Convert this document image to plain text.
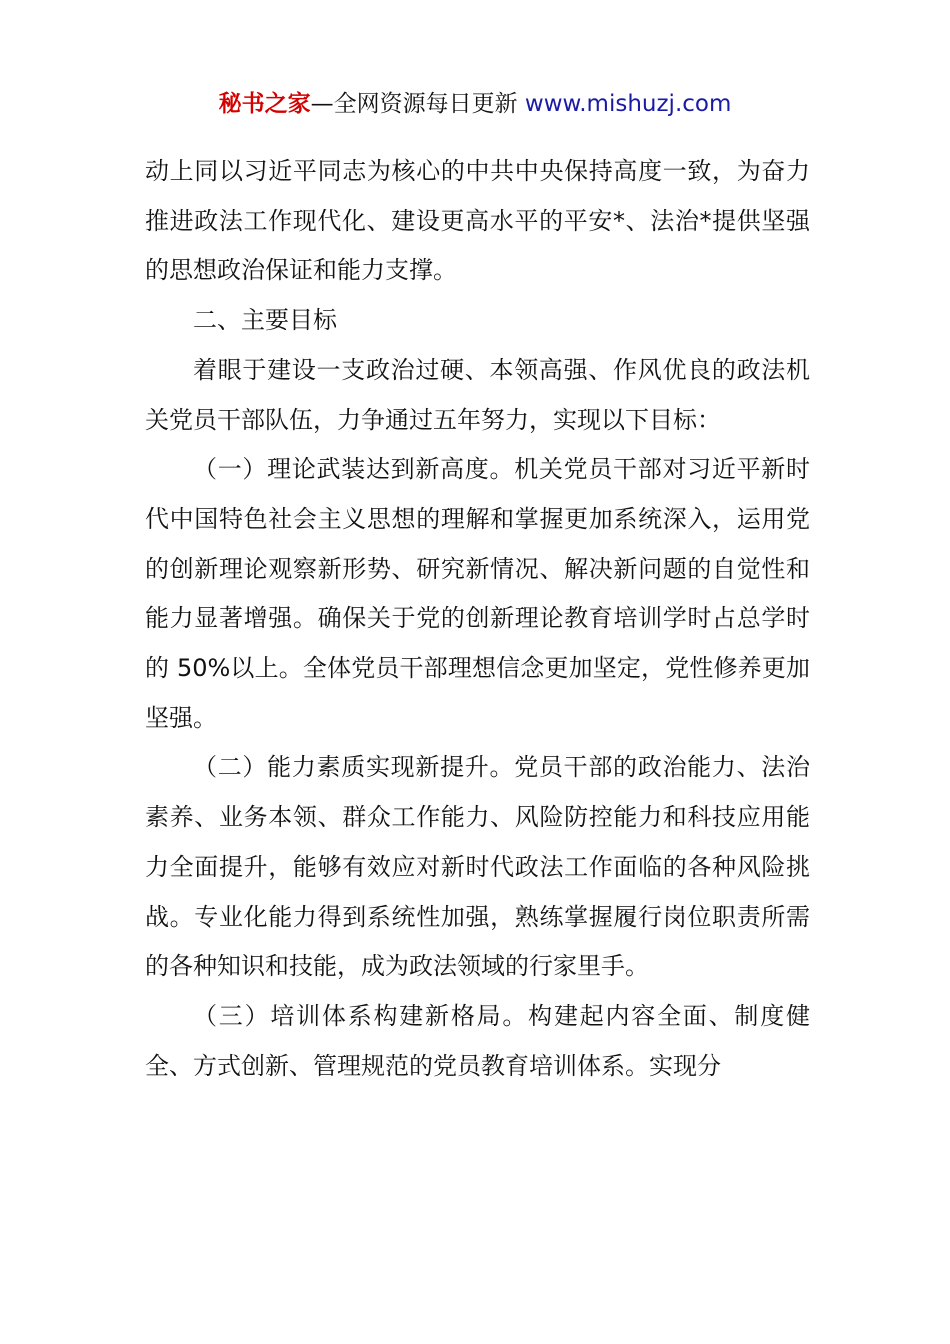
秘书之家—全网资源每日更新 www.mishuzj.com

动上同以习近平同志为核心的中共中央保持高度一致，为奋力推进政法工作现代化、建设更高水平的平安*、法治*提供坚强的思想政治保证和能力支撑。

二、主要目标

着眼于建设一支政治过硬、本领高强、作风优良的政法机关党员干部队伍，力争通过五年努力，实现以下目标：

（一）理论武装达到新高度。机关党员干部对习近平新时代中国特色社会主义思想的理解和掌握更加系统深入，运用党的创新理论观察新形势、研究新情况、解决新问题的自觉性和能力显著增强。确保关于党的创新理论教育培训学时占总学时的 50%以上。全体党员干部理想信念更加坚定，党性修养更加坚强。

（二）能力素质实现新提升。党员干部的政治能力、法治素养、业务本领、群众工作能力、风险防控能力和科技应用能力全面提升，能够有效应对新时代政法工作面临的各种风险挑战。专业化能力得到系统性加强，熟练掌握履行岗位职责所需的各种知识和技能，成为政法领域的行家里手。

（三）培训体系构建新格局。构建起内容全面、制度健全、方式创新、管理规范的党员教育培训体系。实现分
